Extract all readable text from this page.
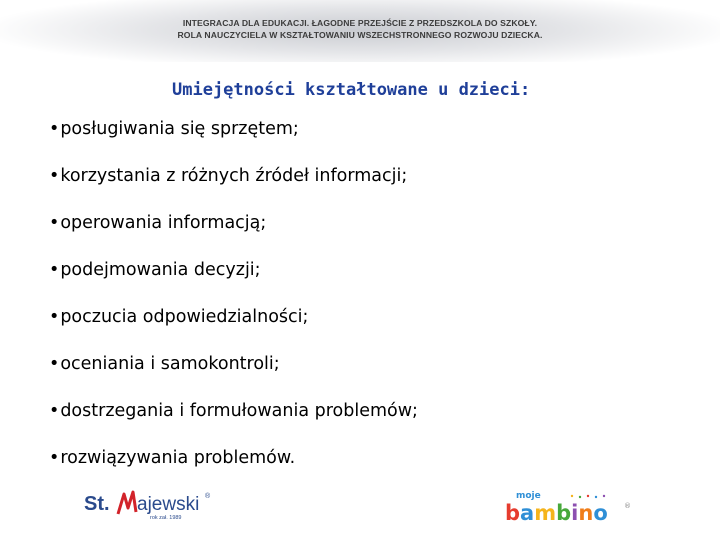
INTEGRACJA DLA EDUKACJI. ŁAGODNE PRZEJŚCIE Z PRZEDSZKOLA DO SZKOŁY.
ROLA NAUCZYCIELA W KSZTAŁTOWANIU WSZECHSTRONNEGO ROZWOJU DZIECKA.
Umiejętności kształtowane u dzieci:
•posługiwania się sprzętem;
•korzystania z różnych źródeł informacji;
•operowania informacją;
•podejmowania decyzji;
•poczucia odpowiedzialności;
•oceniania i samokontroli;
•dostrzegania i formułowania problemów;
•rozwiązywania problemów.
St. ajewski ®
rok zał. 1989
moje
bambino ®
